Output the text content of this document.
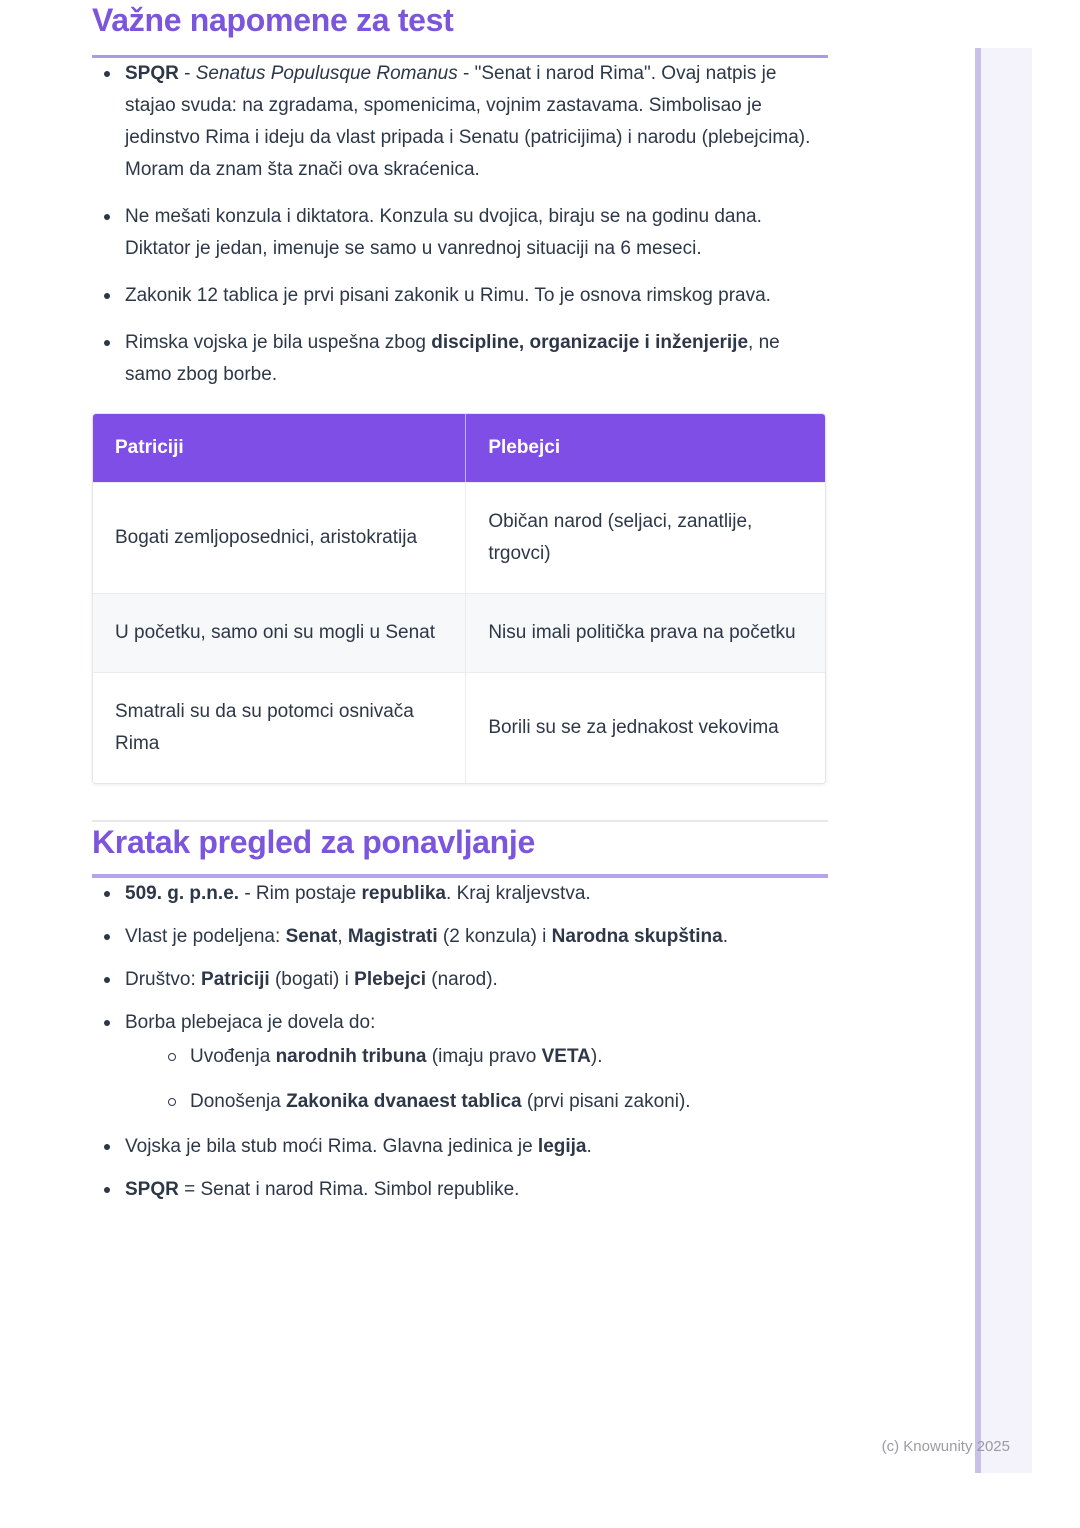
Važne napomene za test
SPQR - Senatus Populusque Romanus - "Senat i narod Rima". Ovaj natpis je stajao svuda: na zgradama, spomenicima, vojnim zastavama. Simbolisao je jedinstvo Rima i ideju da vlast pripada i Senatu (patricijima) i narodu (plebejcima). Moram da znam šta znači ova skraćenica.
Ne mešati konzula i diktatora. Konzula su dvojica, biraju se na godinu dana. Diktator je jedan, imenuje se samo u vanrednoj situaciji na 6 meseci.
Zakonik 12 tablica je prvi pisani zakonik u Rimu. To je osnova rimskog prava.
Rimska vojska je bila uspešna zbog discipline, organizacije i inženjerije, ne samo zbog borbe.
Patriciji	Plebejci
Bogati zemljoposednici, aristokratija	Običan narod (seljaci, zanatlije, trgovci)
U početku, samo oni su mogli u Senat	Nisu imali politička prava na početku
Smatrali su da su potomci osnivača Rima	Borili su se za jednakost vekovima
Kratak pregled za ponavljanje
509. g. p.n.e. - Rim postaje republika. Kraj kraljevstva.
Vlast je podeljena: Senat, Magistrati (2 konzula) i Narodna skupština.
Društvo: Patriciji (bogati) i Plebejci (narod).
Borba plebejaca je dovela do:
Uvođenja narodnih tribuna (imaju pravo VETA).
Donošenja Zakonika dvanaest tablica (prvi pisani zakoni).
Vojska je bila stub moći Rima. Glavna jedinica je legija.
SPQR = Senat i narod Rima. Simbol republike.
(c) Knowunity 2025
